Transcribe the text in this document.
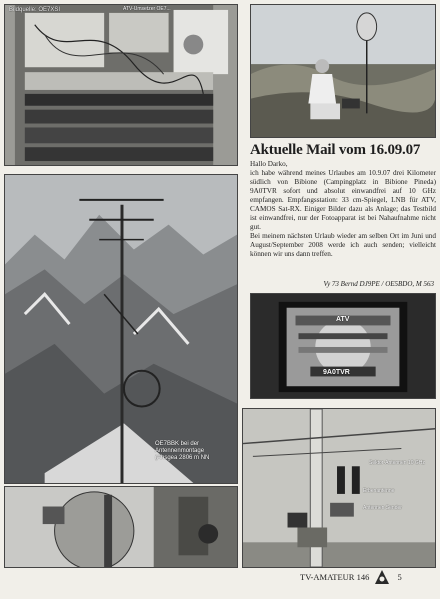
Bildquelle: OE7XSI	ATV-Umsetzer OE7...
Aktuelle Mail vom 16.09.07

Hallo Darko,

ich habe während meines Urlaubes am 10.9.07 drei Kilometer südlich von Bibione (Campingplatz in Bibione Pineda) 9A0TVR sofort und absolut einwandfrei auf 10 GHz empfangen. Empfangsstation: 33 cm-Spiegel, LNB für ATV, CAMOS Sat-RX. Einiger Bilder dazu als Anlage; das Testbild ist einwandfrei, nur der Fotoapparat ist bei Nahaufnahme nicht gut.

Bei meinem nächsten Urlaub wieder am selben Ort im Juni und August/September 2008 werde ich auch senden; vielleicht können wir uns dann treffen.

Vy 73 Bernd DJ9PE / OE5BDO, M 563
OE7BBK bei der
Antennenmontage
(Ahsgea 2806 m NN
ATV
9A0TVR
Sektor-Antennen 10 GHz
Erbenantenne
Antennen Sender
TV-AMATEUR 146	5
